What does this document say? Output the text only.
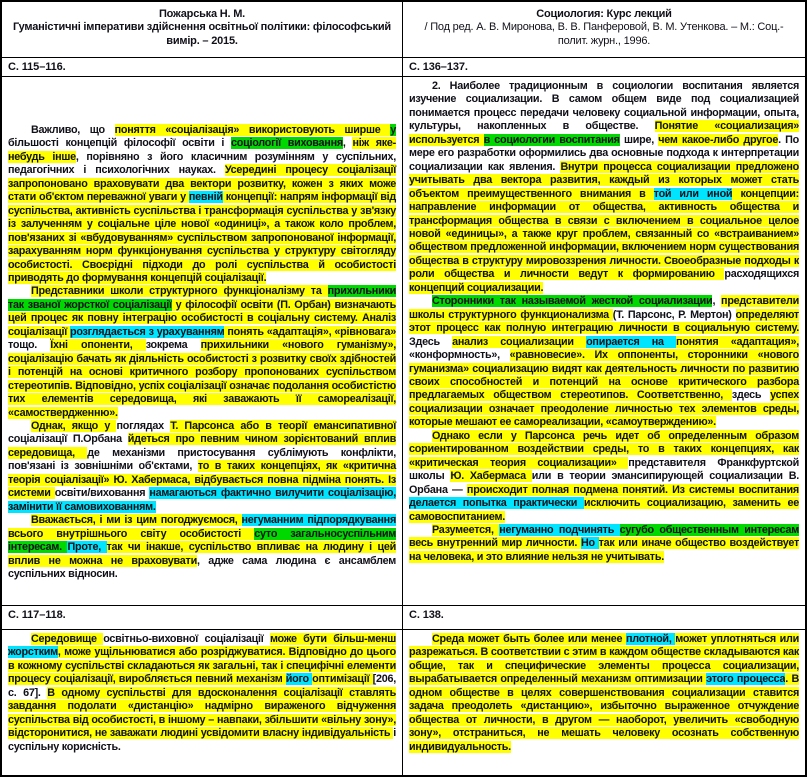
Пожарська Н. М.
Гуманістичні імперативи здійснення освітньої політики: філософський вимір. – 2015.
Социология: Курс лекций
/ Под ред. А. В. Миронова, В. В. Панферовой, В. М. Утенкова. – М.: Соц.- полит. журн., 1996.
С. 115–116.	С. 136–137.

Важливо, що поняття «соціалізація» використовують ширше у більшості концепцій філософії освіти і соціології виховання, ніж яке-небудь інше, порівняно з його класичним розумінням у суспільних, педагогічних і психологічних науках. Усередині процесу соціалізації запропоновано враховувати два вектори розвитку, кожен з яких може стати об'єктом переважної уваги у певній концепції: напрям інформації від суспільства, активність суспільства і трансформація суспільства у зв'язку із залученням у соціальне ціле нової «одиниці», а також коло проблем, пов'язаних зі «вбудовуванням» суспільством запропонованої інформації, зарахуванням норм функціонування суспільства у структуру світогляду особистості. Своєрідні підходи до ролі суспільства й особистості приводять до формування концепцій соціалізації.

Представники школи структурного функціоналізму та прихильники так званої жорсткої соціалізації у філософії освіти (П. Орбан) визначають цей процес як повну інтеграцію особистості в соціальну систему. Аналіз соціалізації розглядається з урахуванням понять «адаптація», «рівновага» тощо. Їхні опоненти, зокрема прихильники «нового гуманізму», соціалізацію бачать як діяльність особистості з розвитку своїх здібностей і потенцій на основі критичного розбору пропонованих суспільством стереотипів. Відповідно, успіх соціалізації означає подолання особистістю тих елементів середовища, які заважають її самореалізації, «самоствердженню».

Однак, якщо у поглядах Т. Парсонса або в теорії емансипативної соціалізації П.Орбана йдеться про певним чином зорієнтований вплив середовища, де механізми пристосування сублімують конфлікти, пов'язані із зовнішніми об'єктами, то в таких концепціях, як «критична теорія соціалізації» Ю. Хабермаса, відбувається повна підміна понять. Із системи освіти/виховання намагаються фактично вилучити соціалізацію, замінити її самовихованням.

Вважається, і ми із цим погоджуємося, негуманним підпорядкування всього внутрішнього світу особистості суто загальносуспільним інтересам. Проте, так чи інакше, суспільство впливає на людину і цей вплив не можна не враховувати, адже сама людина є ансамблем суспільних відносин.

2. Наиболее традиционным в социологии воспитания является изучение социализации. В самом общем виде под социализацией понимается процесс передачи человеку социальной информации, опыта, культуры, накопленных в обществе. Понятие «социализация» используется в социологии воспитания шире, чем какое-либо другое. По мере его разработки оформились два основные подхода к интерпретации социализации как явления. Внутри процесса социализации предложено учитывать два вектора развития, каждый из которых может стать объектом преимущественного внимания в той или иной концепции: направление информации от общества, активность общества и трансформация общества в связи с включением в социальное целое новой «единицы», а также круг проблем, связанный со «встраиванием» обществом предложенной информации, включением норм существования общества в структуру мировоззрения личности. Своеобразные подходы к роли общества и личности ведут к формированию расходящихся концепций социализации.

Сторонники так называемой жесткой социализации, представители школы структурного функционализма (Т. Парсонс, Р. Мертон) определяют этот процесс как полную интеграцию личности в социальную систему. Здесь анализ социализации опирается на понятия «адаптация», «конформность», «равновесие». Их оппоненты, сторонники «нового гуманизма» социализацию видят как деятельность личности по развитию своих способностей и потенций на основе критического разбора предлагаемых обществом стереотипов. Соответственно, здесь успех социализации означает преодоление личностью тех элементов среды, которые мешают ее самореализации, «самоутверждению».

Однако если у Парсонса речь идет об определенным образом сориентированном воздействии среды, то в таких концепциях, как «критическая теория социализации» представителя Франкфуртской школы Ю. Хабермаса или в теории эмансипирующей социализации В. Орбана — происходит полная подмена понятий. Из системы воспитания делается попытка практически исключить социализацию, заменить ее самовоспитанием.

Разумеется, негуманно подчинять сугубо общественным интересам весь внутренний мир личности. Но так или иначе общество воздействует на человека, и это влияние нельзя не учитывать.

С. 117–118.	С. 138.

Середовище освітньо-виховної соціалізації може бути більш-менш жорстким, може ущільнюватися або розріджуватися. Відповідно до цього в кожному суспільстві складаються як загальні, так і специфічні елементи процесу соціалізації, виробляється певний механізм його оптимізації [206, с. 67]. В одному суспільстві для вдосконалення соціалізації ставлять завдання подолати «дистанцію» надмірно вираженого відчуження суспільства від особистості, в іншому – навпаки, збільшити «вільну зону», відсторонитися, не заважати людині усвідомити власну індивідуальність і суспільну корисність.

Среда может быть более или менее плотной, может уплотняться или разрежаться. В соответствии с этим в каждом обществе складываются как общие, так и специфические элементы процесса социализации, вырабатывается определенный механизм оптимизации этого процесса. В одном обществе в целях совершенствования социализации ставится задача преодолеть «дистанцию», избыточно выраженное отчуждение общества от личности, в другом — наоборот, увеличить «свободную зону», отстраниться, не мешать человеку осознать собственную индивидуальность.
